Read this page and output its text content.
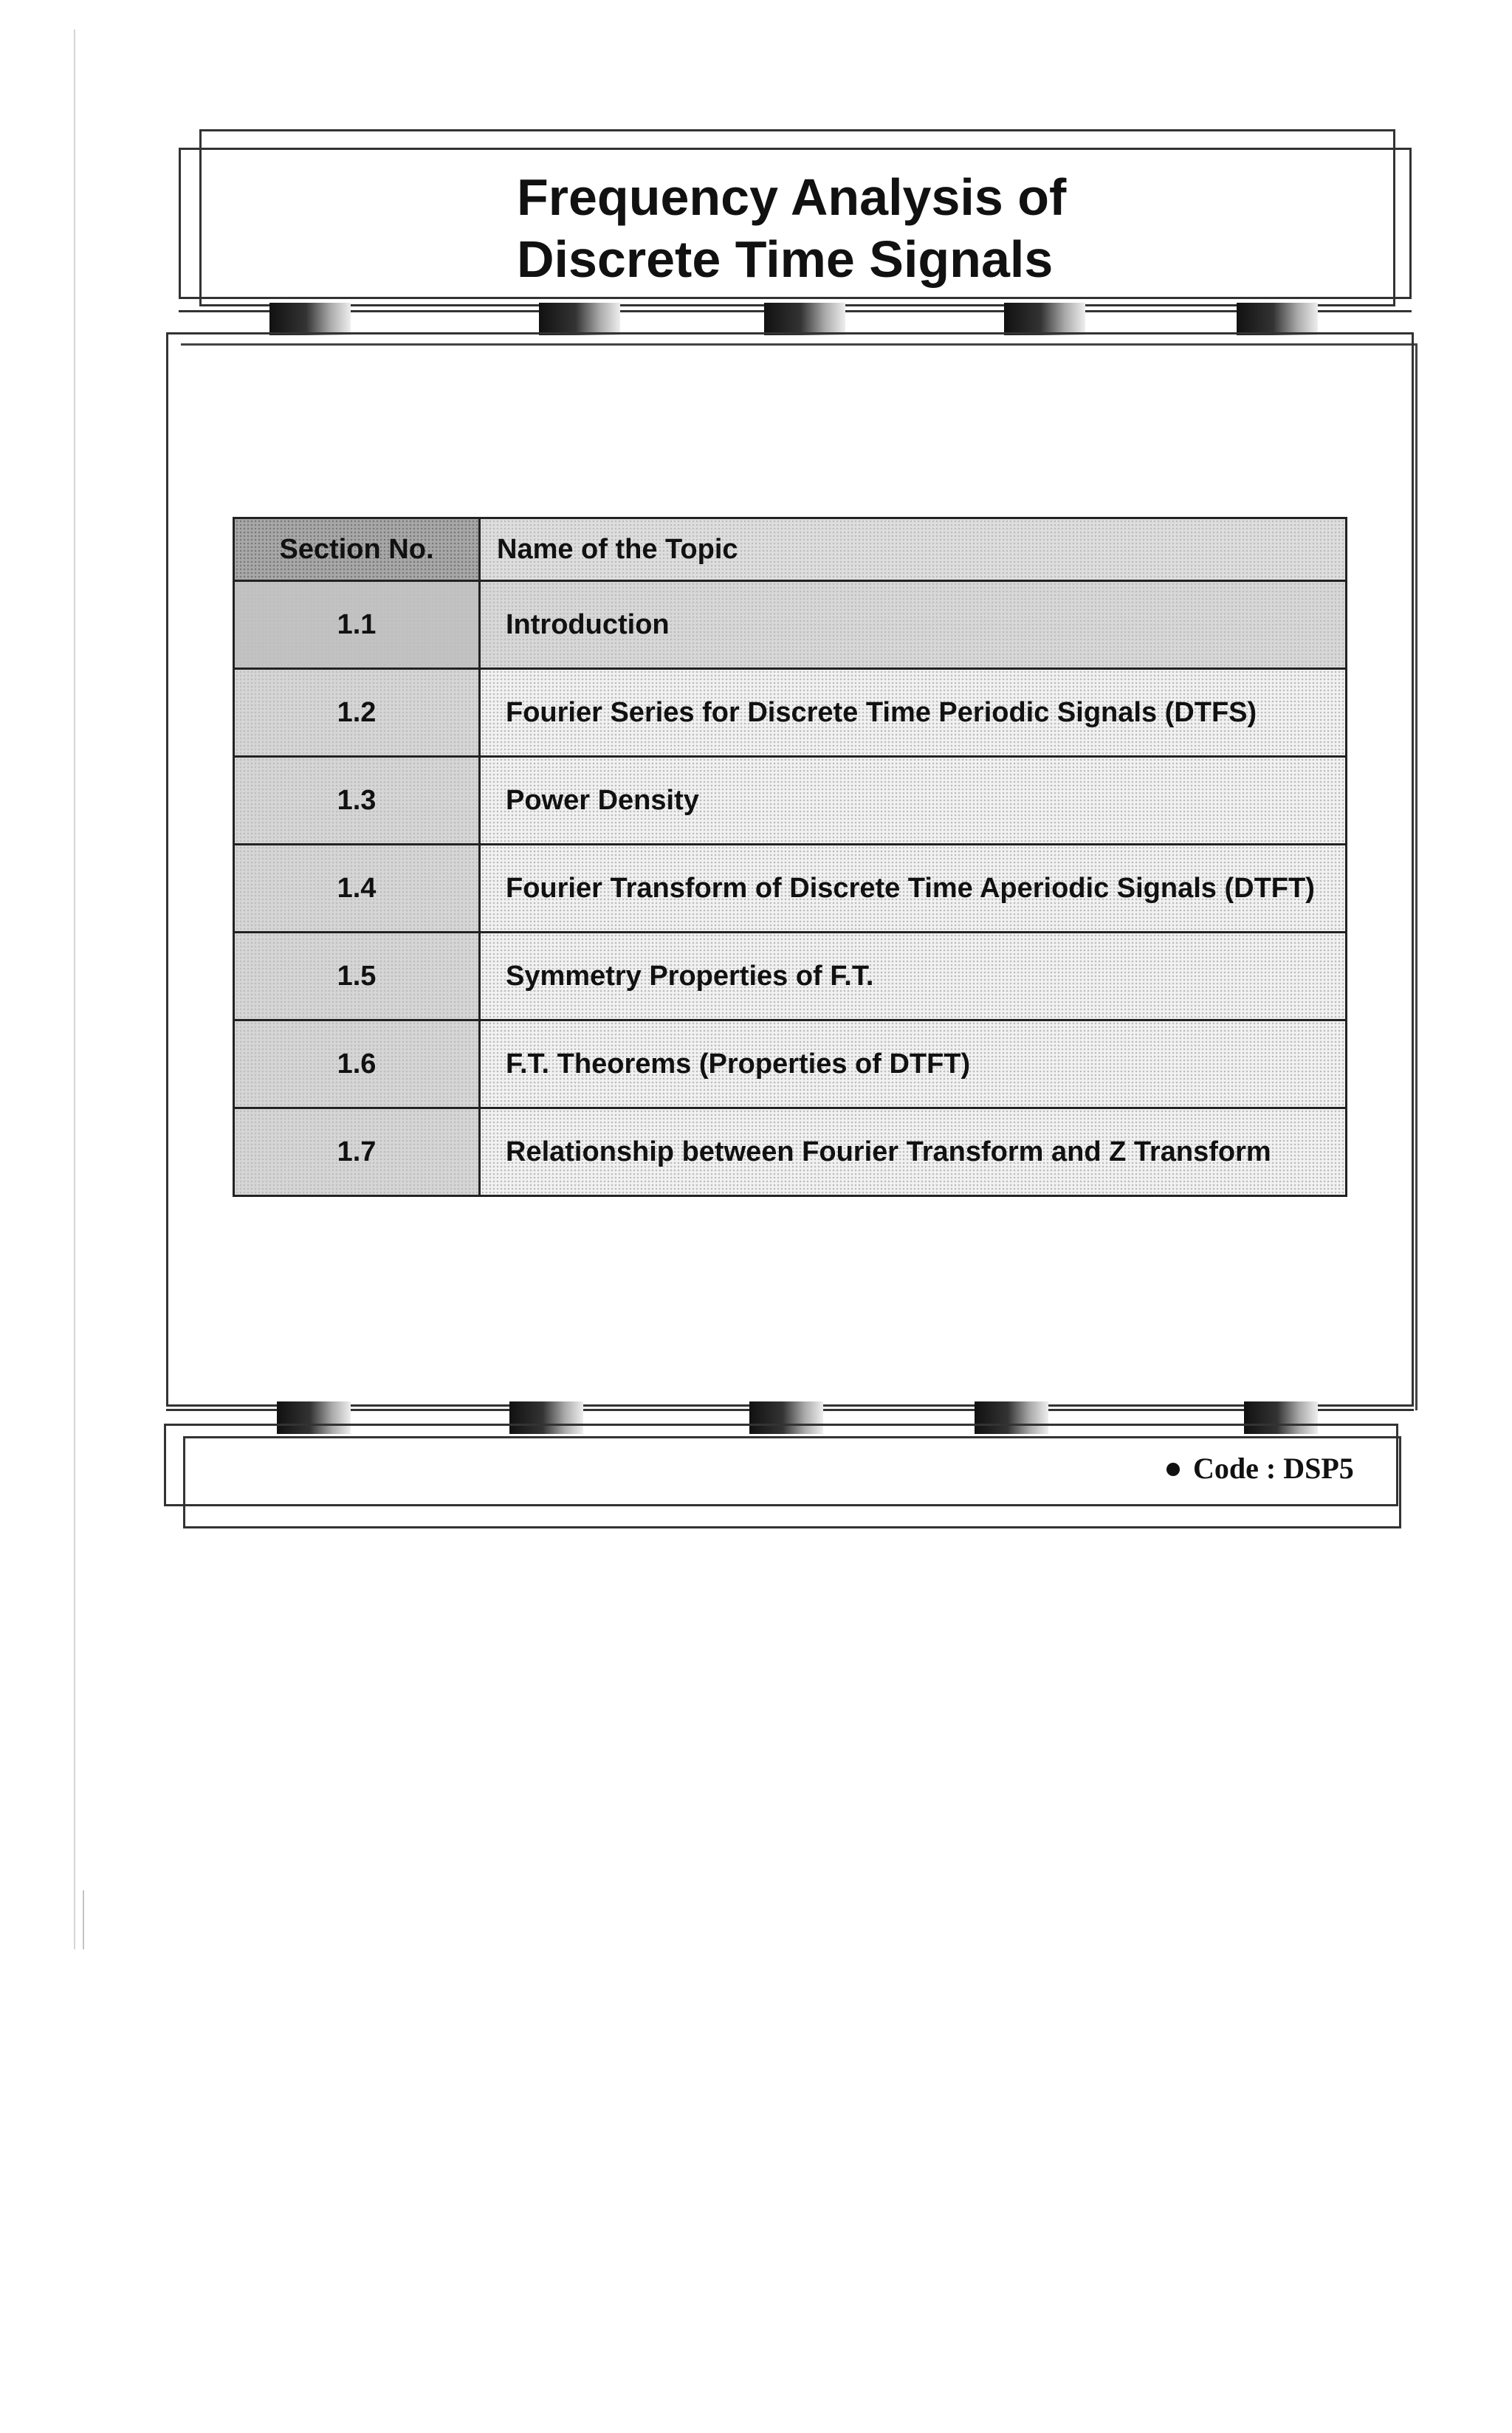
Frequency Analysis of
Discrete Time Signals
Section No.	Name of the Topic
1.1	Introduction
1.2	Fourier Series for Discrete Time Periodic Signals (DTFS)
1.3	Power Density
1.4	Fourier Transform of Discrete Time Aperiodic Signals (DTFT)
1.5	Symmetry Properties of F.T.
1.6	F.T. Theorems (Properties of DTFT)
1.7	Relationship between Fourier Transform and Z Transform
Code : DSP5
